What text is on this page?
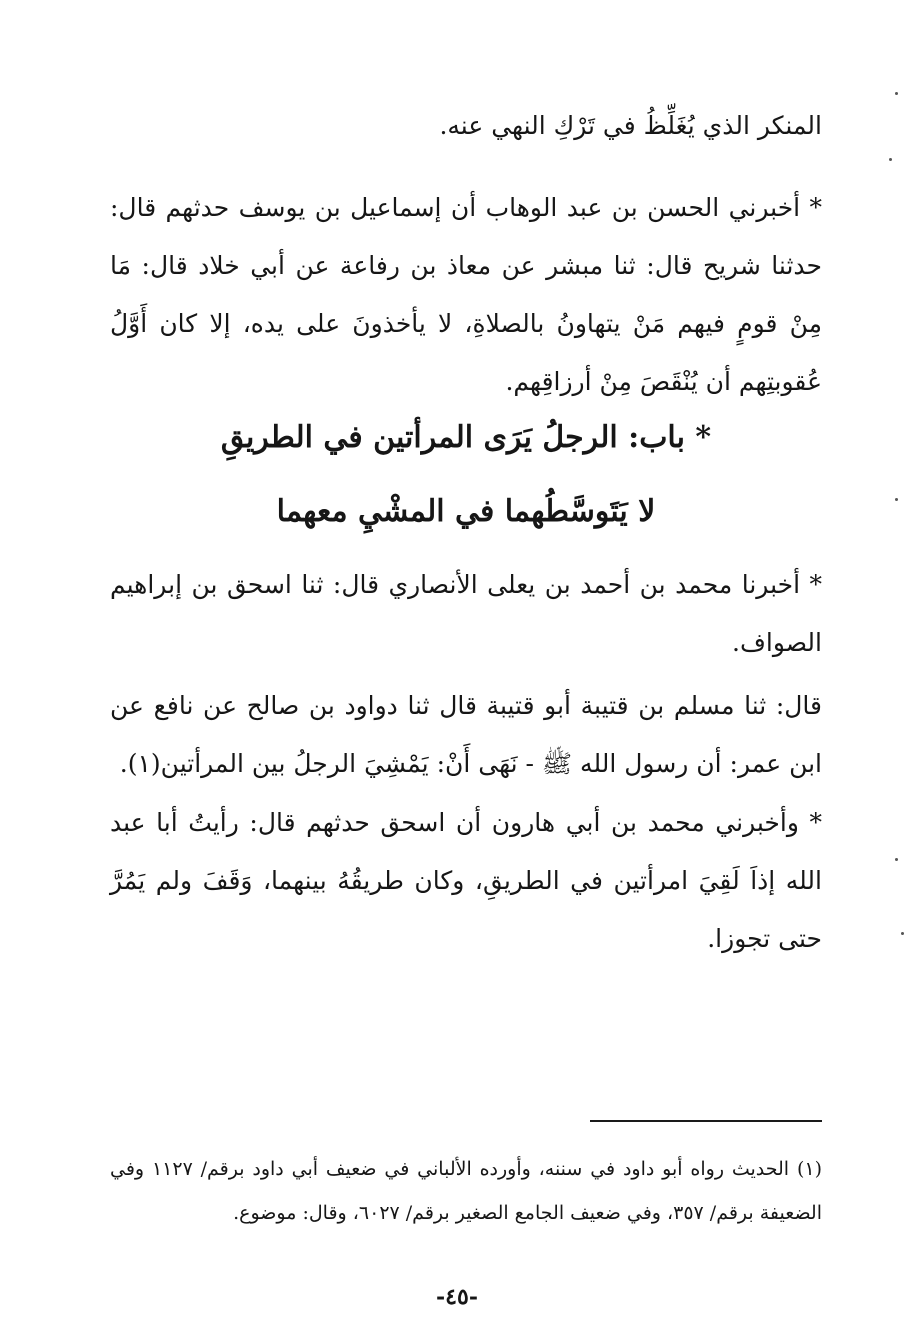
المنكر الذي يُغَلِّظُ في تَرْكِ النهي عنه.

* أخبرني الحسن بن عبد الوهاب أن إسماعيل بن يوسف حدثهم قال: حدثنا شريح قال: ثنا مبشر عن معاذ بن رفاعة عن أبي خلاد قال: مَا مِنْ قومٍ فيهم مَنْ يتهاونُ بالصلاةِ، لا يأخذونَ على يده، إلا كان أَوَّلُ عُقوبتِهم أن يُنْقَصَ مِنْ أرزاقِهم.

* باب: الرجلُ يَرَى المرأتين في الطريقِ
لا يَتَوسَّطُهما في المشْيِ معهما

* أخبرنا محمد بن أحمد بن يعلى الأنصاري قال: ثنا اسحق بن إبراهيم الصواف.

قال: ثنا مسلم بن قتيبة أبو قتيبة قال ثنا دواود بن صالح عن نافع عن ابن عمر: أن رسول الله ﷺ - نَهَى أَنْ: يَمْشِيَ الرجلُ بين المرأتين(١).

* وأخبرني محمد بن أبي هارون أن اسحق حدثهم قال: رأيتُ أبا عبد الله إذاَ لَقِيَ امرأتين في الطريقِ، وكان طريقُهُ بينهما، وَقَفَ ولم يَمُرَّ حتى تجوزا.

(١) الحديث رواه أبو داود في سننه، وأورده الألباني في ضعيف أبي داود برقم/ ١١٢٧ وفي الضعيفة برقم/ ٣٥٧، وفي ضعيف الجامع الصغير برقم/ ٦٠٢٧، وقال: موضوع.

-٤٥-
